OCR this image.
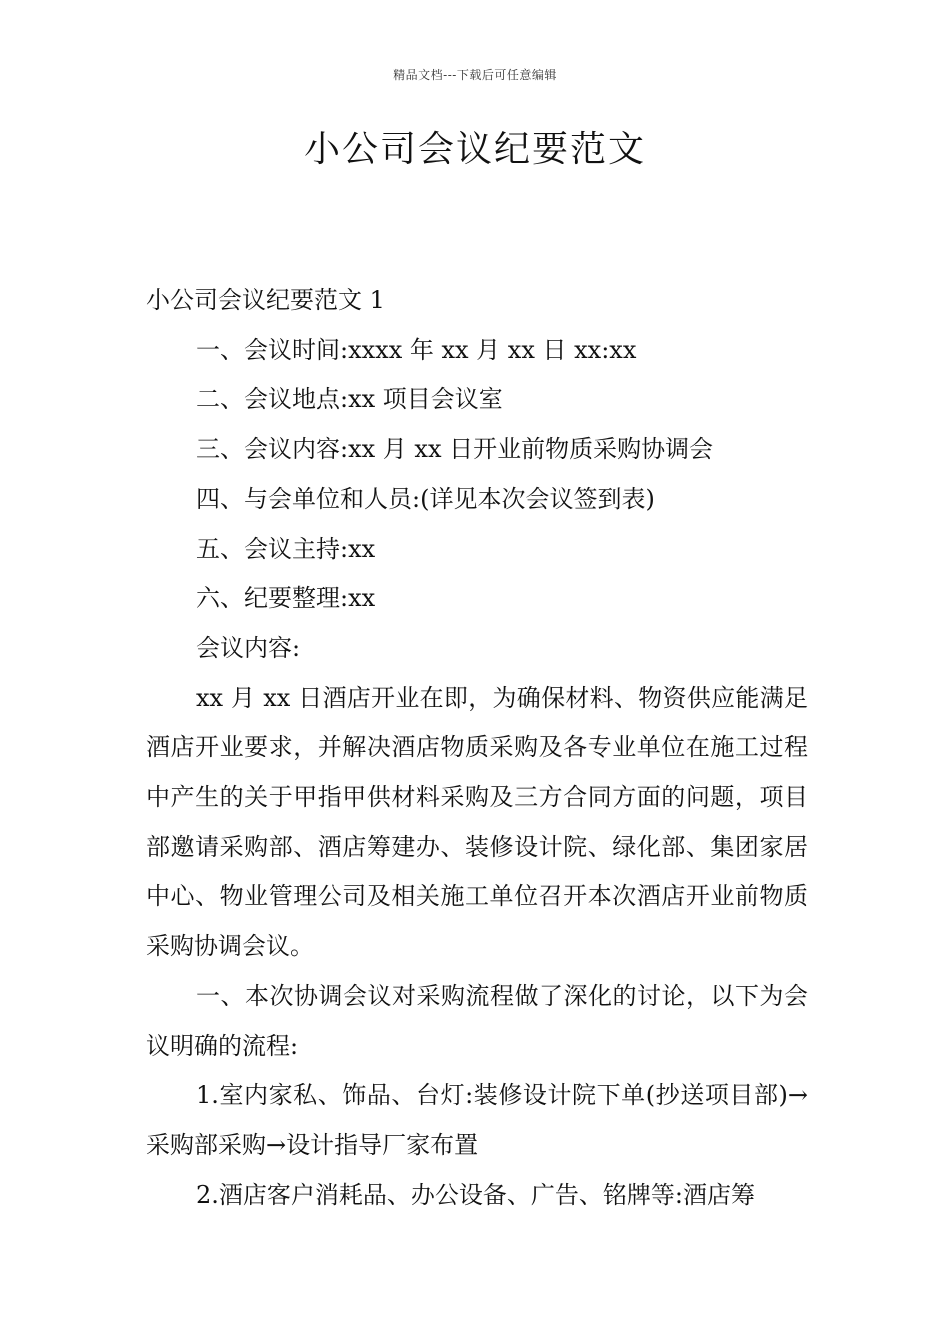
精品文档---下载后可任意编辑
小公司会议纪要范文

小公司会议纪要范文 1

一、会议时间:xxxx 年 xx 月 xx 日 xx:xx

二、会议地点:xx 项目会议室

三、会议内容:xx 月 xx 日开业前物质采购协调会

四、与会单位和人员:(详见本次会议签到表)

五、会议主持:xx

六、纪要整理:xx

会议内容:

xx 月 xx 日酒店开业在即，为确保材料、物资供应能满足酒店开业要求，并解决酒店物质采购及各专业单位在施工过程中产生的关于甲指甲供材料采购及三方合同方面的问题，项目部邀请采购部、酒店筹建办、装修设计院、绿化部、集团家居中心、物业管理公司及相关施工单位召开本次酒店开业前物质采购协调会议。

一、本次协调会议对采购流程做了深化的讨论，以下为会议明确的流程:

1.室内家私、饰品、台灯:装修设计院下单(抄送项目部)→采购部采购→设计指导厂家布置

2.酒店客户消耗品、办公设备、广告、铭牌等:酒店筹
